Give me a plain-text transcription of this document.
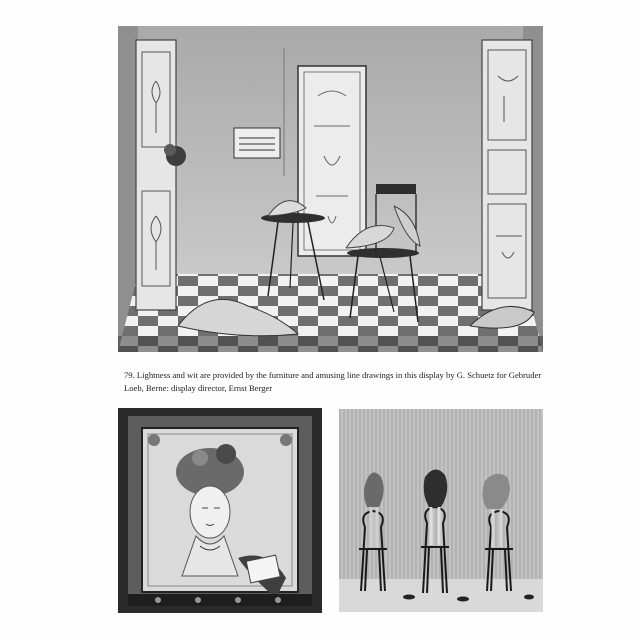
79. Lightness and wit are provided by the furniture and amusing line drawings in this display by G. Schuetz for Gebruder Loeb, Berne: display director, Ernst Berger
